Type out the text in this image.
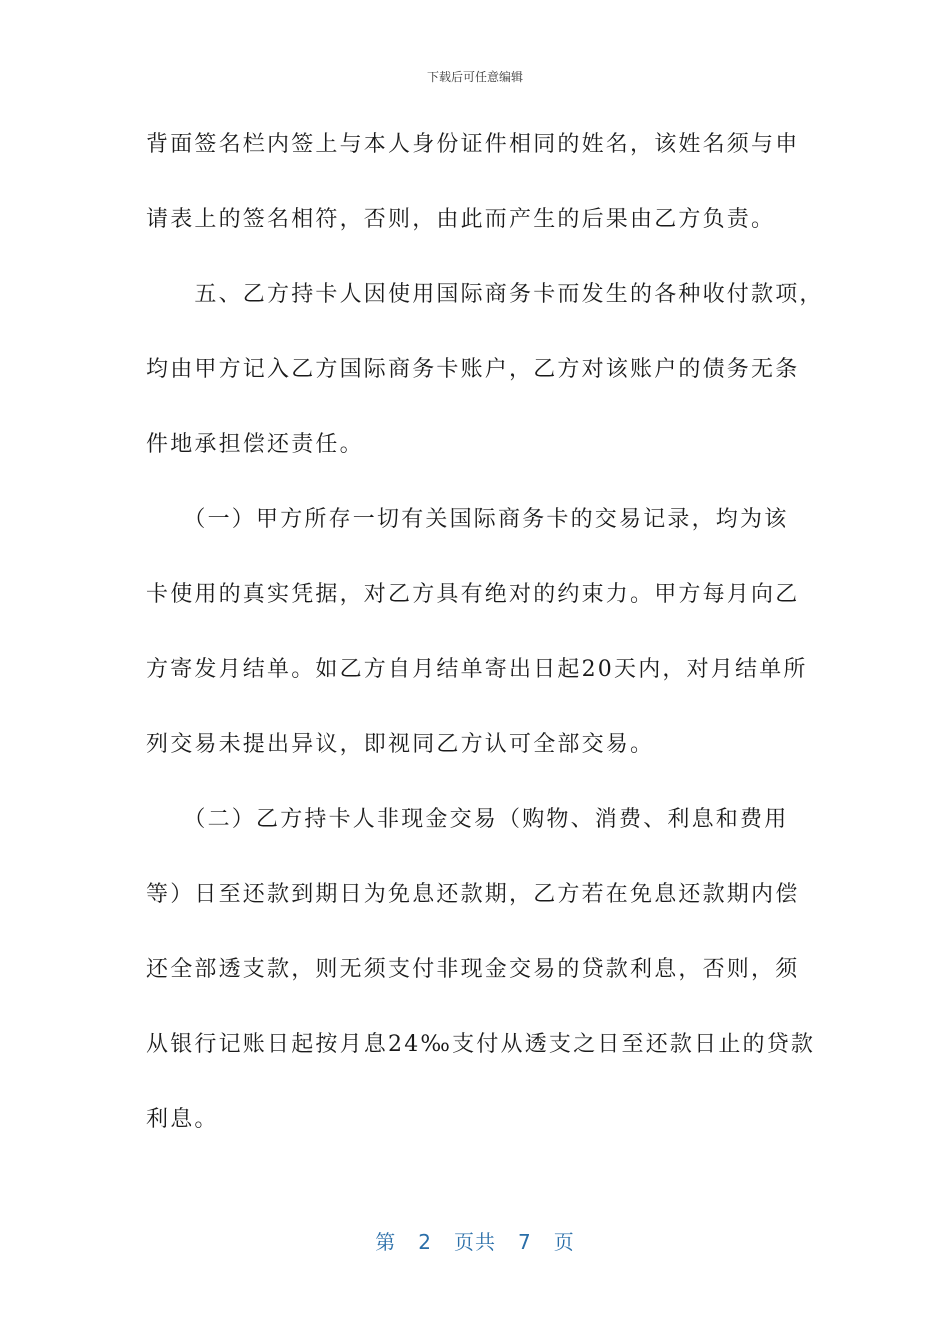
下载后可任意编辑
背面签名栏内签上与本人身份证件相同的姓名，该姓名须与申
请表上的签名相符，否则，由此而产生的后果由乙方负责。
　　五、乙方持卡人因使用国际商务卡而发生的各种收付款项，
均由甲方记入乙方国际商务卡账户，乙方对该账户的债务无条
件地承担偿还责任。
　　（一）甲方所存一切有关国际商务卡的交易记录，均为该
卡使用的真实凭据，对乙方具有绝对的约束力。甲方每月向乙
方寄发月结单。如乙方自月结单寄出日起20天内，对月结单所
列交易未提出异议，即视同乙方认可全部交易。
　　（二）乙方持卡人非现金交易（购物、消费、利息和费用
等）日至还款到期日为免息还款期，乙方若在免息还款期内偿
还全部透支款，则无须支付非现金交易的贷款利息，否则，须
从银行记账日起按月息24‰支付从透支之日至还款日止的贷款
利息。
第 2 页共 7 页
